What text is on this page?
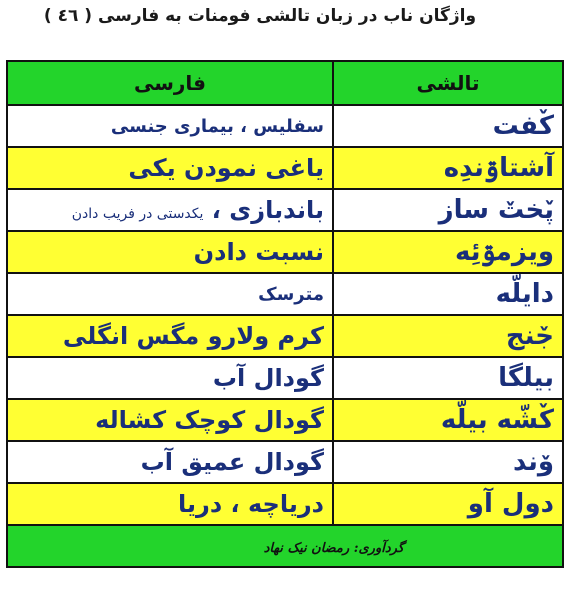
واژگان ناب در زبان تالشی فومنات به فارسی ( ٤٦ )
فارسی	تالشی
سفلیس ، بیماری جنسی	کٚفت
یاغی نمودن یکی	آشتاۊندِه
باندبازی ، یکدستی در فریب دادن	پٚختٚ ساز
نسبت دادن	ویزمۊئِه
مترسک	دایلّه
کرم ولارو مگس انگلی	جٚنج
گودال آب	بیلگا
گودال کوچک کشاله	کٚشّه بیلّه
گودال عمیق آب	وٚند
دریاچه ، دریا	دول آو
گردآوری: رمضان نیک نهاد	
